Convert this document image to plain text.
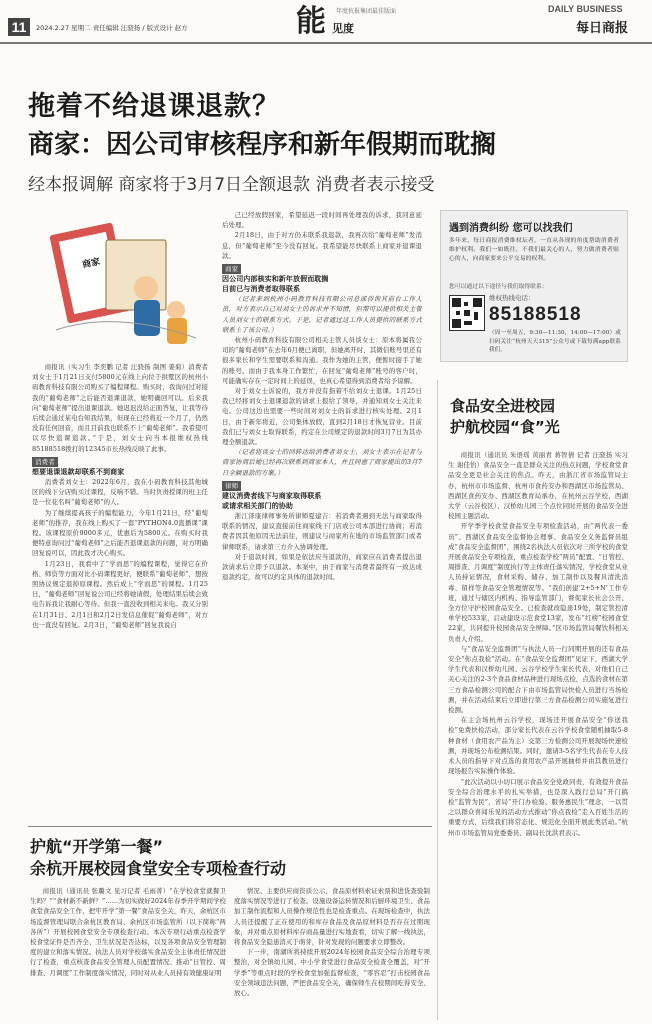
11	2024.2.27 星期二 责任编辑 汪骁扬 / 版式设计 赵方	能 见度
年度杭报集团最佳版面	DAILY BUSINESS
每日商报
拖着不给退课退款？
商家：因公司审核程序和新年假期而耽搁
经本报调解 商家将于3月7日全额退款 消费者表示接受
商家

商报讯（实习生 李奕鹏 记者 汪骁扬 制图 姜菊）消费者刘女士于1月21日支付5800元在线上向位于拱墅区的杭州小码教育科技有限公司购买了编程课程。购买时，我询问过对接我的“葡萄老师”之后能否退课退款，她明确回可以。后来我向“葡萄老师”提出退课退款。她迟迟没给正面答复，让我等待后续会通过某电台知我结果，但现在已经将近一个月了，仍然没有任何回音，而且目前我也联系不上“葡萄老师”。我希望可以尽快退课退款。”于是，刘女士向当本报维权热线85188518拨打的12345市长热线反映了此事。

消费者
想要退课退款却联系不到商家

消费者刘女士：2022年6月，我在小码教育科技其他城区的线下分店购买过课程，反响不错。当时负责授课的班主任是一位花名叫“葡萄老师”的人。

为了继续提高孩子的编程能力，今年1月21日，经“葡萄老师”的推荐，我在线上购买了一套“PYTHON4.0直播课”课程。该课程原价9000多元，优惠后为5800元。在购买时我便特意询问过“葡萄老师”之后能否退课退款的问题，对方明确回复说可以，因此我才决心购买。

1月23日，我看中了“学而思”的编程课程，觉得它在价格、师资等方面对比小码课程更好，便联系“葡萄老师”，想按照协议规定退掉原课程。然后成上“学而思”的课程。1月25日，“葡萄老师”回复说公司已经将她请假，处理结果后续会致电告诉我让我耐心等待。但我一直没收到相关来电。我又分别在1月31日、2月1日和2月2日发信息催促“葡萄老师”，对方也一直没有回复。2月3日，“葡萄老师”回复我说自

己已经放假回家，希望延迟一段时间再处理我的诉求，我同意延后处理。

2月18日，由于对方仍未联系我退款，我再次给“葡萄老师”发消息，但“葡萄老师”至今没有回复。我希望能尽快联系上商家并退课退款。

商家
因公司内部核实和新年放假而耽搁
目前已与消费者取得联系

（记者来到杭州小码教育科技有限公司总部咨询其前台工作人员，对方表示自己对刘女士的诉求并不知情，但帮可以提供相关主管人员刘女士的联系方式。于是，记者通过这工作人员提供的联系方式联系上了该公司。）

杭州小码教育科技有限公司相关主管人员谈女士：原本将属我公司的“葡萄老师”在去年6月便已离职，但她离开时，其微信账号里还有很多家长和学生需要联系和沟通。我作为她的主管，便暂时接手了她的账号。而由于我本身工作繁忙，在回复“葡萄老师”账号的客户时，可能确实存在一定时间上的延误，也真心希望得到消费者给予谅解。

对于刘女士诉说的，我方并没有指着不给刘女士退课。1月25日我已经将刘女士退课退款的请求上报给了领导，并通知刘女士关注来电。公司这边也需要一些时间对刘女士的诉求进行核实处理。2月1日，由于新年将近，公司集体放假，直到2月18日才恢复营业。目前我们已与刘女士取得联系，约定在公司规定的退款时间3月7日为其办理全额退款。

（记者将谈女士的回转达给消费者刘女士，刘女士表示在记者与商家协商后她已经再次联系到商家本人，并且同意了商家提出的3月7日全额退款的方案。）

律师
建议消费者线下与商家取得联系
或请求相关部门的协助

浙江泽康律师事务所律师夏建吉：若消费者遇到无法与商家取得联系的情况，建议直接前往商家线下门店或公司本部进行协商；若消费者因其他原因无法前往，则建议与商家所在地的市场监管部门或者律师联系，请求第三方介入协调处理。

对于退款时间，如果是依法应当退款的，商家应在消费者提出退款请求后立即予以退款。本案中，由于商家与消费者最终有一致达成退款约定，故可以约定具体的退款时间。

遇到消费纠纷 您可以找我们
多年来，每日商报消费维权坛者，一直从各现的角度帮助消费者维护权利。我们一如既往，不我们最关心的人，努力做消费者贴心的人，向商家要来公平交易的权利。
您可以通过以下途径与我们取得联系：
维权热线电话：
85188518
（周一至周五，9:30—11:30，14:00—17:00）或扫码关注“杭州天天315”公众号或下载每满app联系我们。
食品安全进校园
护航校园“食”光

商报讯（通讯员 朱语瑶 黄丽青 蒋智倩 记者 汪骁扬 实习生 谢佳怡）食品安全一直是群众关注的热点问题，学校食堂食品安全更是社会关注的焦点。昨天，由浙江省市场监管局主办，杭州市市场监督、杭州市食药安办和西湖区市场监管局、西湖区食药安办、西湖区教育局承办，在杭州云谷学校、西湖大学（云谷校区）、汉桥幼儿园三个点位同时开展的食品安全进校园主题活动。

开学季学校食堂食品安全专项检查活动，由“两代表一委员”、西湖区食品安全监督协会理事、食品安全义务监督员组成“食品安全监督团”，围绕2名执法人员依次对三所学校的食堂开展食品安全专项检查，重点检查学校“两员”配置、“日管控、周排查、月调度”制度执行等主体责任落实情况，学校食堂从业人员持证情况，食材采购、储存、加工制作以及餐具清洗消毒、留样等食品安全管理情况等。“我们创建‘2+5+N’工作专班，通过与辖区内机构、指导监管部门，督促家长社会公开、全方位守护校园食品安全。已检查就改隐患19处，制定管控清单学校533家，启动建设示范食堂13家，发布“红榜”校园食堂22家，共同提升校园食品安全屏障。”区市场监管局餐饮科相关负责人介绍。

与“食品安全监督团”与执法人员一行同期开展的还有食品安全“你点我检”活动。在“食品安全监督团”见证下，西湖大学学生代表和汉桥幼儿园、云谷学校学生家长代表，对他们自己关心关注的2-3个食品食材品种进行现场点检，点选的食材在第三方食品检测公司的配合下由市场监管局快检人员进行当场检测，并在活动结束后立即进行第三方食品检测公司实施复进行检测。

在主会场杭州云谷学校，现场还开展食品安全“你送我检”免费快检活动，部分家长代表在云谷学校食堂随机抽取5-8种食材（食用农产品为主）交第三方检测公司开展现场快速检测，并现场公布检测结果。同时，邀请3-5名学生代表在专人技术人员的指导下对点选的食用农产品开展抽样并由其教员进行现场报告实际操作体验。

“此次活动以小切口展示食品安全党政同责，有效提升食品安全综合治理水平的扎实举措，也是深入践行总局“开门搞检”监管为民”，省局“开门办检验、服务惠民生”理念，一以贯之以群众喜闻乐见的活动方式推动“你点我检”走入百姓生活的重要方式，后续我们将常态化、规范化全面开展此类活动。”杭州市市场监管局党委委员、副局长沈洪君表示。

护航“开学第一餐”
余杭开展校园食堂安全专项检查行动

商报讯（通讯员 张璐文 见习记者 毛雨菁）“在学校食堂就餐卫生吗？”“食材新不新鲜？”……为切实做好2024年春季开学期间学校食堂食品安全工作，把牢开学“第一餐”食品安全关，昨天，余杭区市场监督管理局联合余杭区教育局、余杭区市场监管所（以下简称“两各所”）开展校园食堂安全专项检查行动。本次专项行动重点检查学校食堂证件是否齐全、卫生状况是否达标，以及各项食品安全管理制度的建立和落实情况。执法人员对学校落实食品安全主体责任情况进行了检查，重点核查食品安全管理人员配置情况、推动“日管控、周排查、月调度”工作制度落实情况，同时对从业人员持有效健康证明

情况、主要供应商资质公示、食品原材料索证索票和进货查验制度落实情况等进行了检查。设施设备运转情况和后厨环境卫生、食品加工制作流程和人员操作规范性也是检查重点。在现场检查中，执法人员还提醒了正在使用的和库存食品及食品原材料是否存在过期现象，并对重点原材料库存商品量进行实地查看，切实了解一线执法，将食品安全隐患消灭于萌芽，针对发现的问题要求立即整改。

下一步，南湖所将持续开展2024年校园食品安全综合治理专项整治，对全镇幼儿园、中小学食堂进行食品安全检查全覆盖，对“开学季”等重点时段的学校食堂加强监督检查，“零容忍”打击校园食品安全领域违法问题，严把食品安全关，确保师生在校期间吃得安全、放心。
